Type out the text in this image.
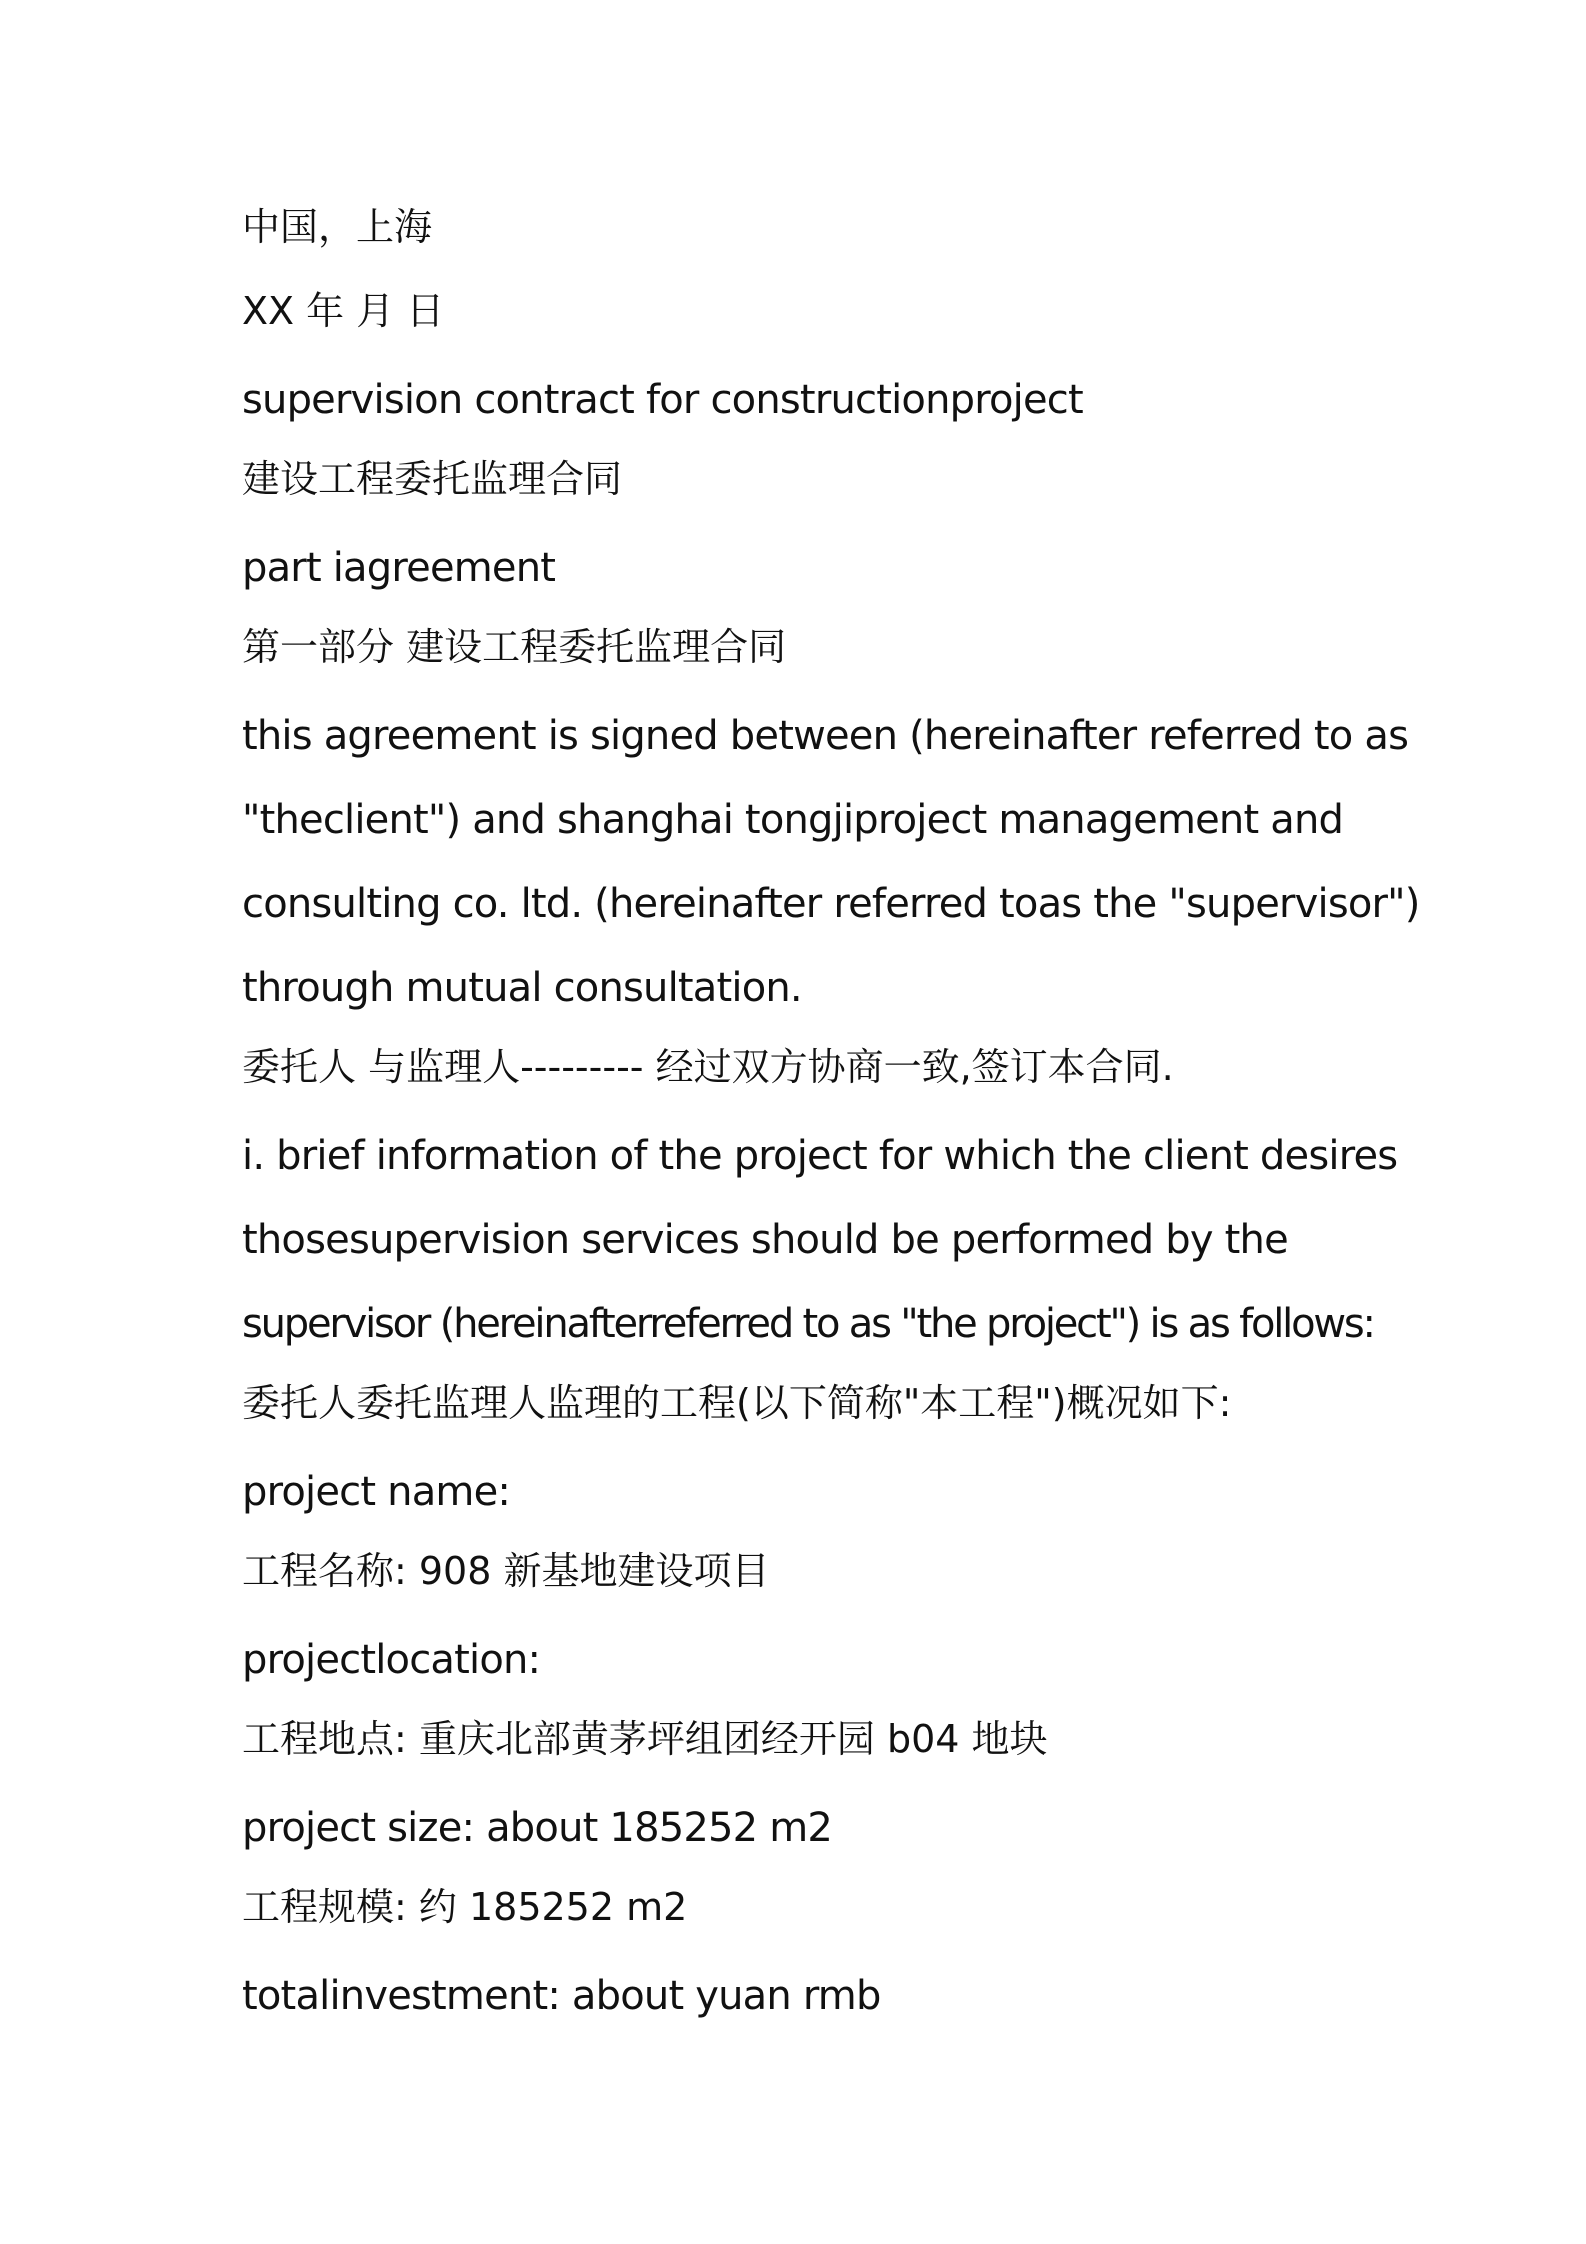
中国，上海
XX 年 月 日
supervision contract for constructionproject
建设工程委托监理合同
part iagreement
第一部分 建设工程委托监理合同
this agreement is signed between (hereinafter referred to as
"theclient") and shanghai tongjiproject management and
consulting co. ltd. (hereinafter referred toas the "supervisor")
through mutual consultation.
委托人 与监理人--------- 经过双方协商一致,签订本合同.
i. brief information of the project for which the client desires
thosesupervision services should be performed by the
supervisor (hereinafterreferred to as "the project") is as follows:
委托人委托监理人监理的工程(以下简称"本工程")概况如下:
project name:
工程名称: 908 新基地建设项目
projectlocation:
工程地点: 重庆北部黄茅坪组团经开园 b04 地块
project size: about 185252 m2
工程规模: 约 185252 m2
totalinvestment: about yuan rmb
